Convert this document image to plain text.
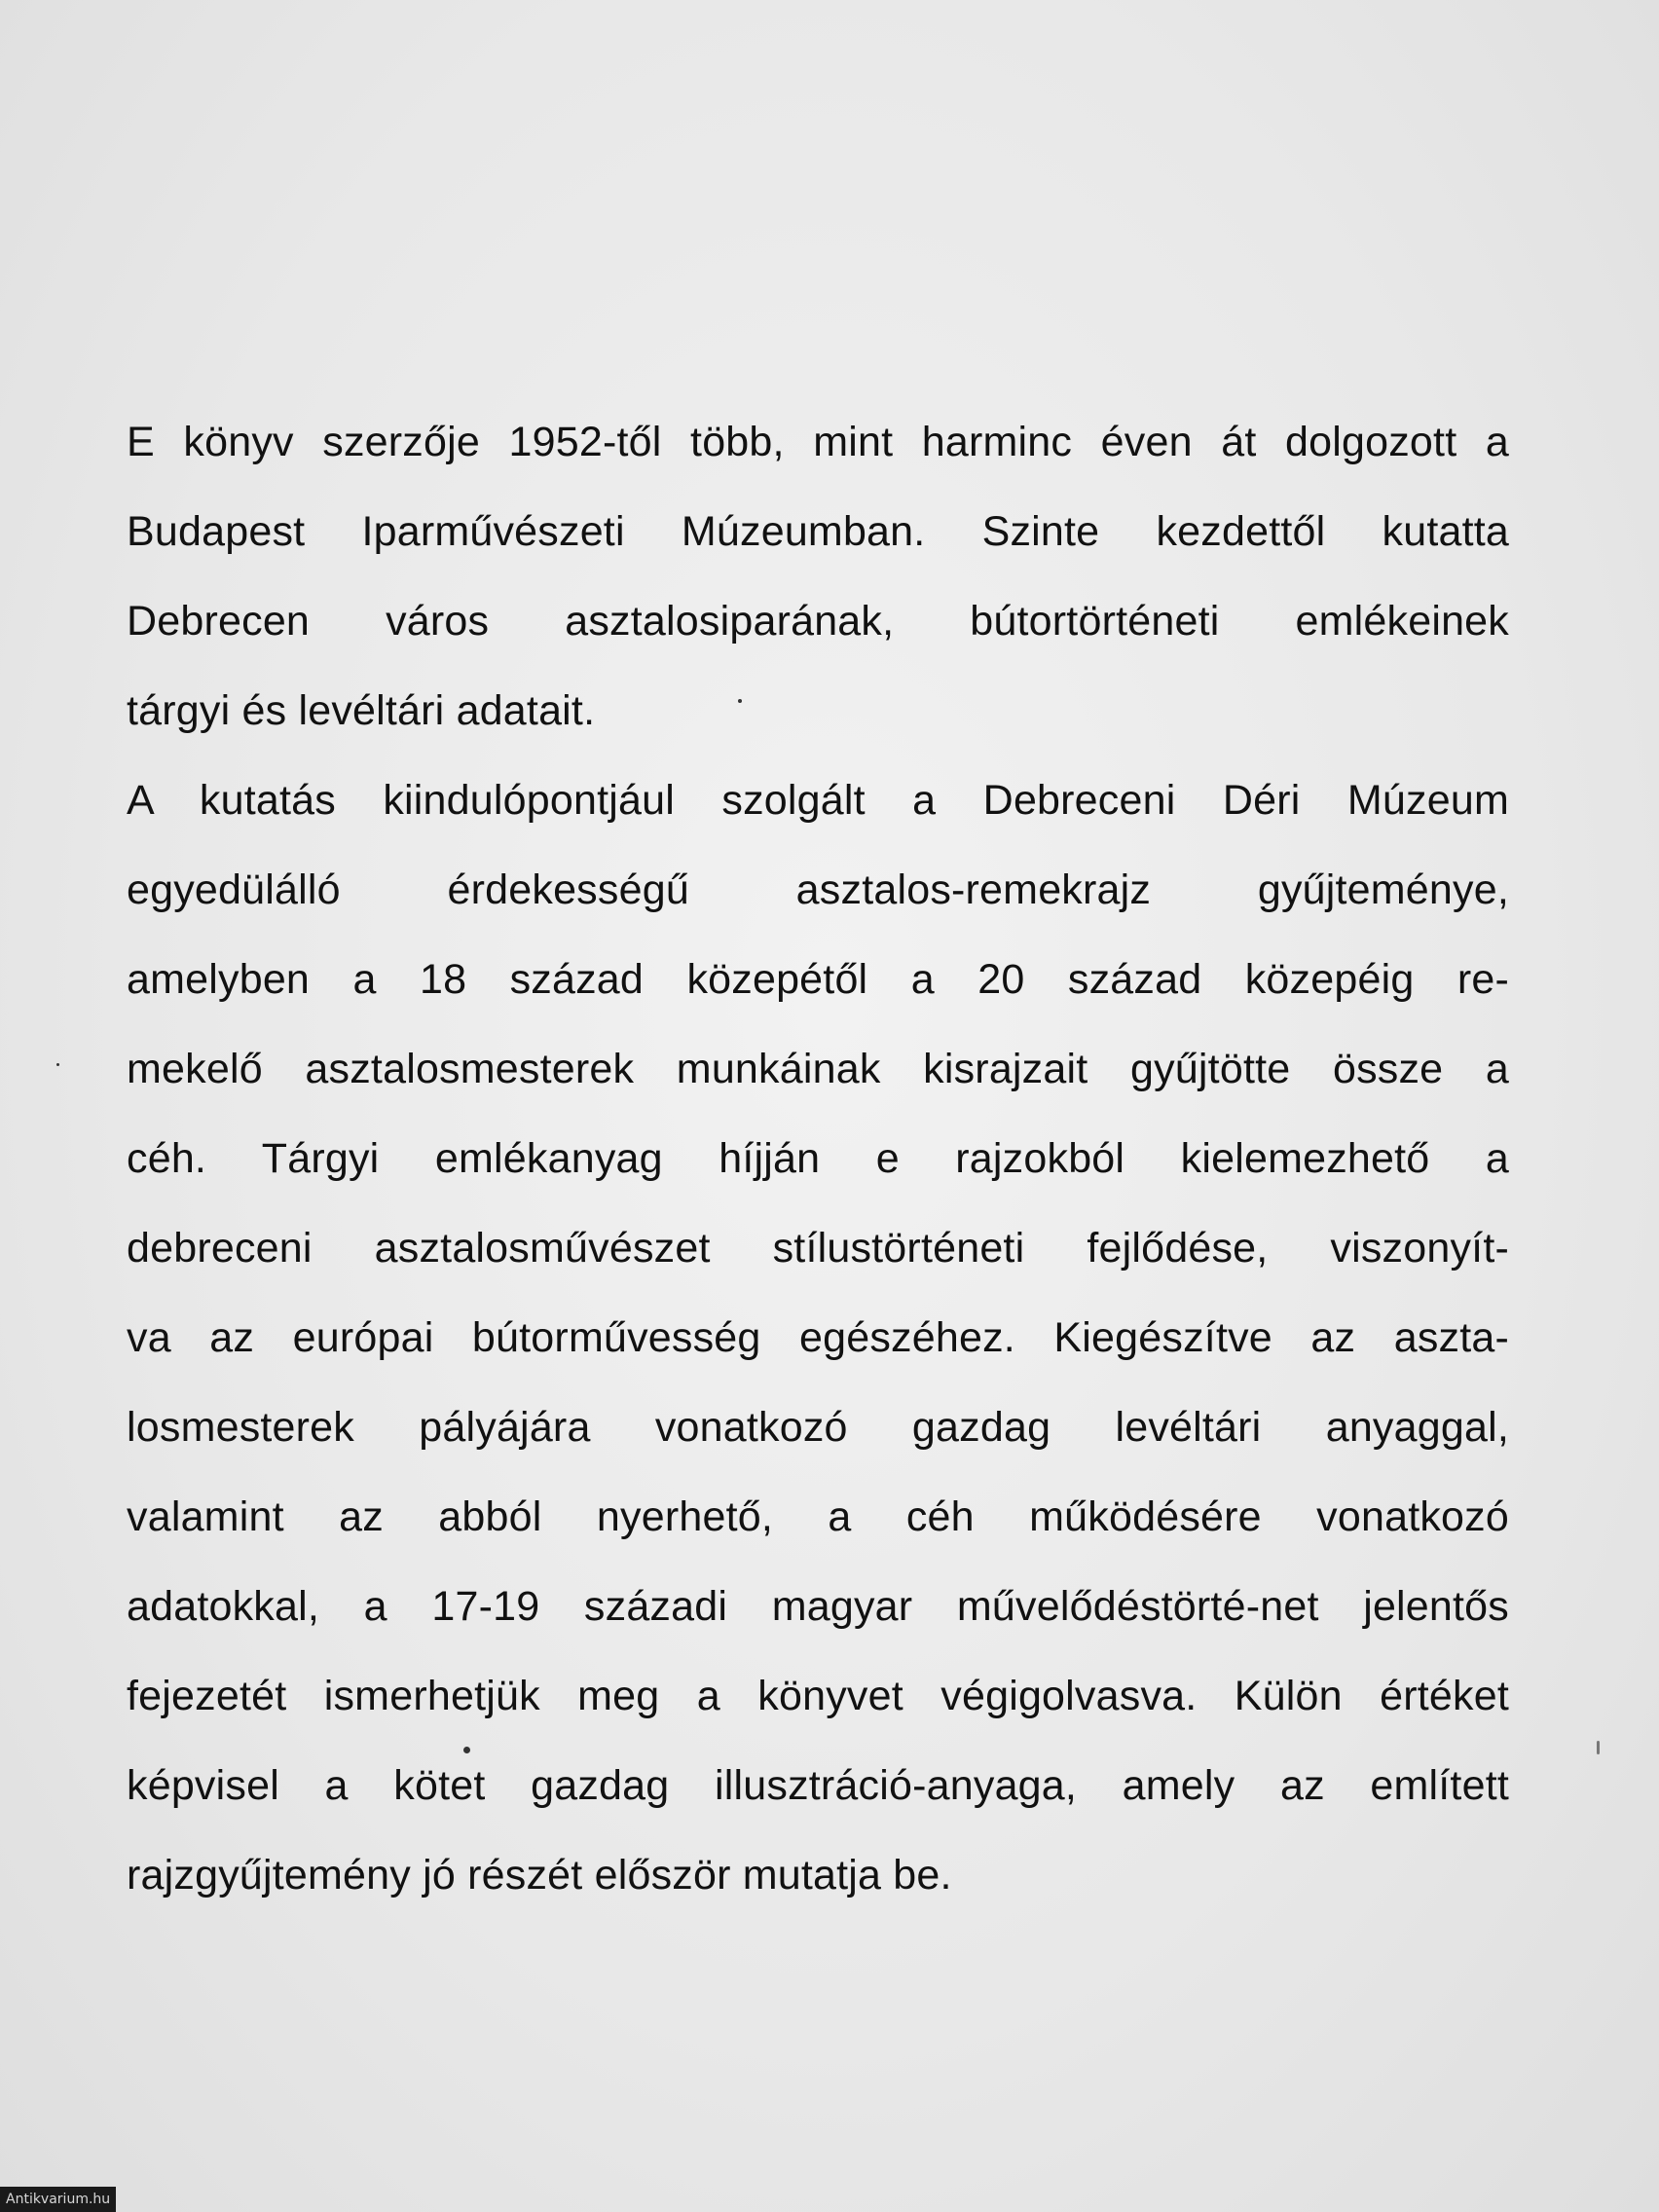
E könyv szerzője 1952-től több, mint harminc éven át dolgozott a
Budapest Iparművészeti Múzeumban. Szinte kezdettől kutatta
Debrecen város asztalosiparának, bútortörténeti emlékeinek
tárgyi és levéltári adatait.
A kutatás kiindulópontjául szolgált a Debreceni Déri Múzeum
egyedülálló érdekességű asztalos-remekrajz gyűjteménye,
amelyben a 18 század közepétől a 20 század közepéig re-
mekelő asztalosmesterek munkáinak kisrajzait gyűjtötte össze a
céh. Tárgyi emlékanyag híjján e rajzokból kielemezhető a
debreceni asztalosművészet stílustörténeti fejlődése, viszonyít-
va az európai bútorművesség egészéhez. Kiegészítve az aszta-
losmesterek pályájára vonatkozó gazdag levéltári anyaggal,
valamint az abból nyerhető, a céh működésére vonatkozó
adatokkal, a 17-19 századi magyar művelődéstörté-net jelentős
fejezetét ismerhetjük meg a könyvet végigolvasva. Külön értéket
képvisel a kötet gazdag illusztráció-anyaga, amely az említett
rajzgyűjtemény jó részét először mutatja be.
Antikvarium.hu
